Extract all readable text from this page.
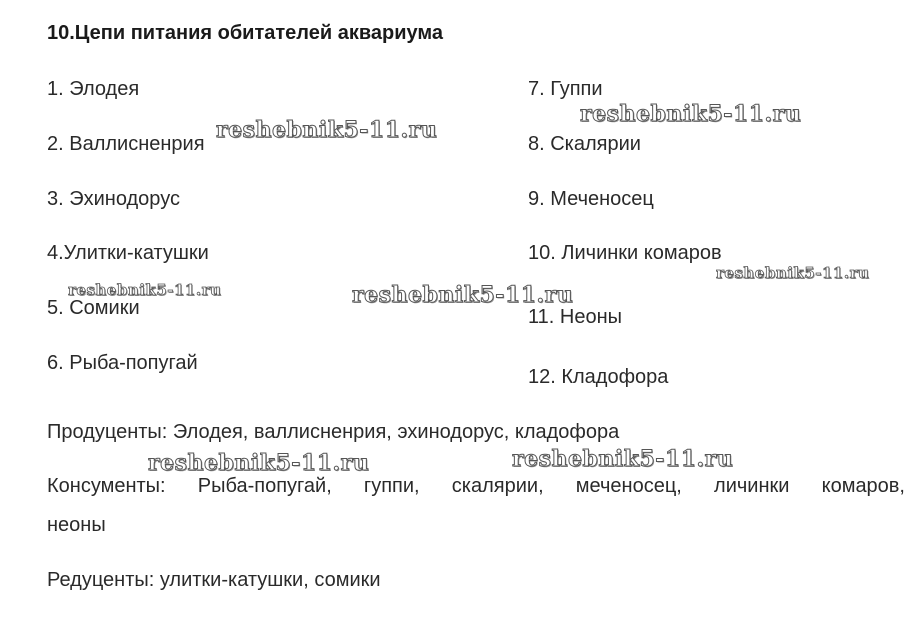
10.Цепи питания обитателей аквариума
1. Элодея
2. Валлисненрия
3. Эхинодорус
4.Улитки-катушки
5. Сомики
6. Рыба-попугай
7. Гуппи
8. Скалярии
9. Меченосец
10. Личинки комаров
11. Неоны
12. Кладофора
Продуценты: Элодея, валлисненрия, эхинодорус, кладофора
Консументы: Рыба-попугай, гуппи, скалярии, меченосец, личинки комаров,
неоны
Редуценты: улитки-катушки, сомики
reshebnik5-11.ru
reshebnik5-11.ru
reshebnik5-11.ru	reshebnik5-11.ru
reshebnik5-11.ru
reshebnik5-11.ru	reshebnik5-11.ru
